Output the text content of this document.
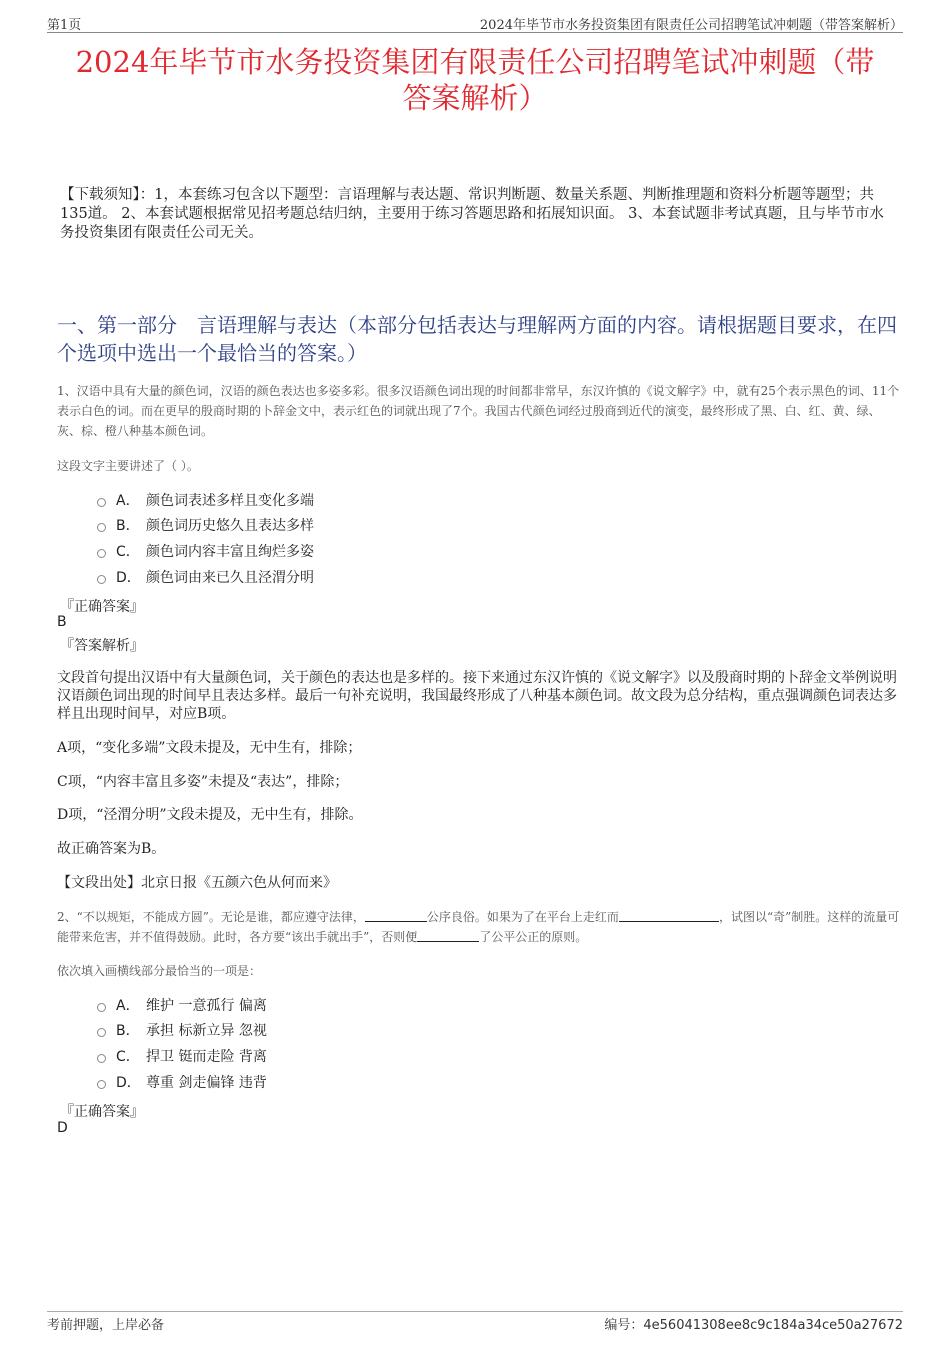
第1页	2024年毕节市水务投资集团有限责任公司招聘笔试冲刺题（带答案解析）
2024年毕节市水务投资集团有限责任公司招聘笔试冲刺题（带
答案解析）
【下载须知】：1，本套练习包含以下题型：言语理解与表达题、常识判断题、数量关系题、判断推理题和资料分析题等题型；共135道。 2、本套试题根据常见招考题总结归纳，主要用于练习答题思路和拓展知识面。 3、本套试题非考试真题，且与毕节市水务投资集团有限责任公司无关。
一、第一部分　言语理解与表达（本部分包括表达与理解两方面的内容。请根据题目要求，在四个选项中选出一个最恰当的答案。）
1、汉语中具有大量的颜色词，汉语的颜色表达也多姿多彩。很多汉语颜色词出现的时间都非常早，东汉许慎的《说文解字》中，就有25个表示黑色的词、11个表示白色的词。而在更早的殷商时期的卜辞金文中，表示红色的词就出现了7个。我国古代颜色词经过殷商到近代的演变，最终形成了黑、白、红、黄、绿、灰、棕、橙八种基本颜色词。
这段文字主要讲述了（ ）。
A． 颜色词表述多样且变化多端
B． 颜色词历史悠久且表达多样
C． 颜色词内容丰富且绚烂多姿
D． 颜色词由来已久且泾渭分明
『正确答案』
B
『答案解析』
文段首句提出汉语中有大量颜色词，关于颜色的表达也是多样的。接下来通过东汉许慎的《说文解字》以及殷商时期的卜辞金文举例说明汉语颜色词出现的时间早且表达多样。最后一句补充说明，我国最终形成了八种基本颜色词。故文段为总分结构，重点强调颜色词表达多样且出现时间早，对应B项。
A项，“变化多端”文段未提及，无中生有，排除；
C项，“内容丰富且多姿”未提及“表达”，排除；
D项，“泾渭分明”文段未提及，无中生有，排除。
故正确答案为B。
【文段出处】北京日报《五颜六色从何而来》
2、“不以规矩，不能成方圆”。无论是谁，都应遵守法律，	公序良俗。如果为了在平台上走红而	，试图以“奇”制胜。这样的流量可能带来危害，并不值得鼓励。此时，各方要“该出手就出手”，否则便	了公平公正的原则。
依次填入画横线部分最恰当的一项是：
A． 维护 一意孤行 偏离
B． 承担 标新立异 忽视
C． 捍卫 铤而走险 背离
D． 尊重 剑走偏锋 违背
『正确答案』
D
考前押题，上岸必备	编号：4e56041308ee8c9c184a34ce50a27672
